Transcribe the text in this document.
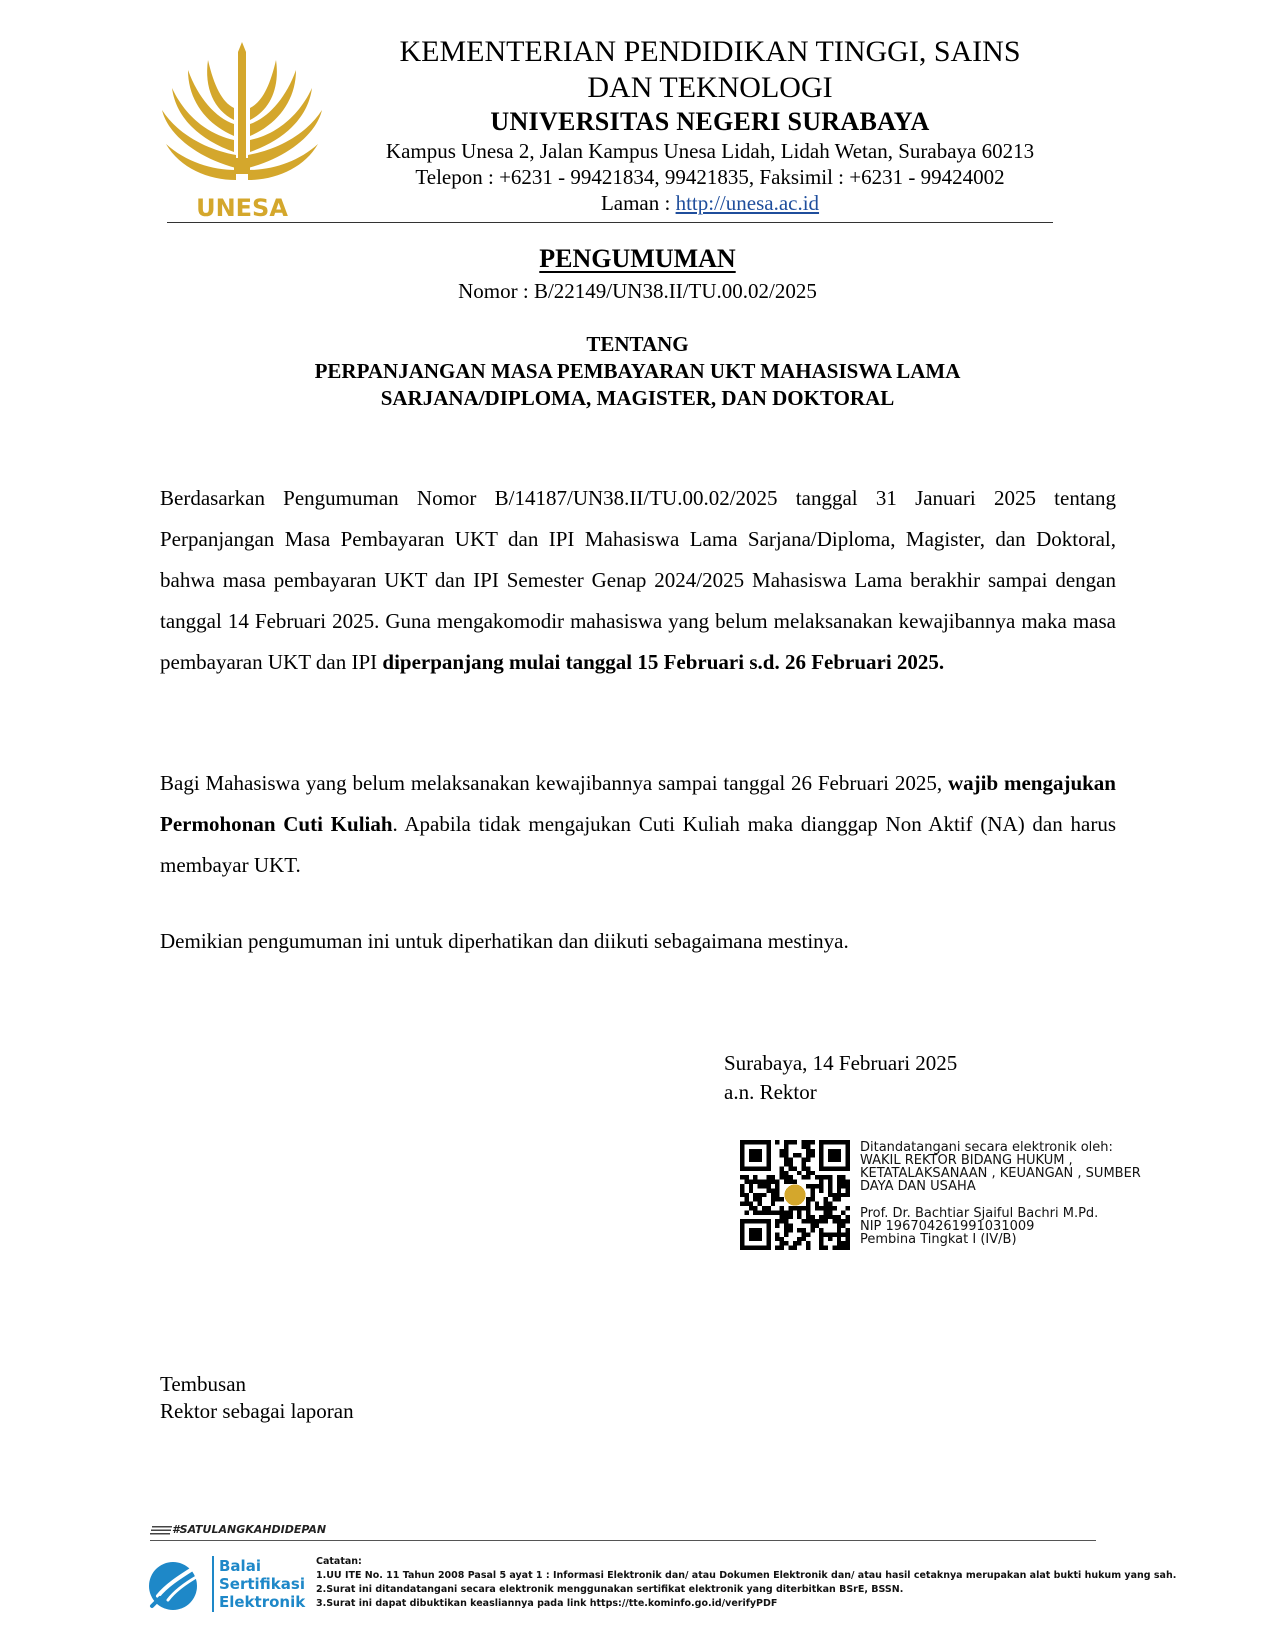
UNESA
KEMENTERIAN PENDIDIKAN TINGGI, SAINS
DAN TEKNOLOGI
UNIVERSITAS NEGERI SURABAYA
Kampus Unesa 2, Jalan Kampus Unesa Lidah, Lidah Wetan, Surabaya 60213
Telepon : +6231 - 99421834, 99421835, Faksimil : +6231 - 99424002
Laman : http://unesa.ac.id
PENGUMUMAN
Nomor : B/22149/UN38.II/TU.00.02/2025
TENTANG
PERPANJANGAN MASA PEMBAYARAN UKT MAHASISWA LAMA
SARJANA/DIPLOMA, MAGISTER, DAN DOKTORAL
Berdasarkan Pengumuman Nomor B/14187/UN38.II/TU.00.02/2025 tanggal 31 Januari 2025 tentang Perpanjangan Masa Pembayaran UKT dan IPI Mahasiswa Lama Sarjana/Diploma, Magister, dan Doktoral, bahwa masa pembayaran UKT dan IPI Semester Genap 2024/2025 Mahasiswa Lama berakhir sampai dengan tanggal 14 Februari 2025. Guna mengakomodir mahasiswa yang belum melaksanakan kewajibannya maka masa pembayaran UKT dan IPI diperpanjang mulai tanggal 15 Februari s.d. 26 Februari 2025.
Bagi Mahasiswa yang belum melaksanakan kewajibannya sampai tanggal 26 Februari 2025, wajib mengajukan Permohonan Cuti Kuliah. Apabila tidak mengajukan Cuti Kuliah maka dianggap Non Aktif (NA) dan harus membayar UKT.
Demikian pengumuman ini untuk diperhatikan dan diikuti sebagaimana mestinya.
Surabaya, 14 Februari 2025
a.n. Rektor
Ditandatangani secara elektronik oleh:
WAKIL REKTOR BIDANG HUKUM ,
KETATALAKSANAAN , KEUANGAN , SUMBER
DAYA DAN USAHA
Prof. Dr. Bachtiar Sjaiful Bachri M.Pd.
NIP 196704261991031009
Pembina Tingkat I (IV/B)
Tembusan
Rektor sebagai laporan
#SATULANGKAHDIDEPAN
Balai
Sertifikasi
Elektronik
Catatan:
1.UU ITE No. 11 Tahun 2008 Pasal 5 ayat 1 : Informasi Elektronik dan/ atau Dokumen Elektronik dan/ atau hasil cetaknya merupakan alat bukti hukum yang sah.
2.Surat ini ditandatangani secara elektronik menggunakan sertifikat elektronik yang diterbitkan BSrE, BSSN.
3.Surat ini dapat dibuktikan keasliannya pada link https://tte.kominfo.go.id/verifyPDF
